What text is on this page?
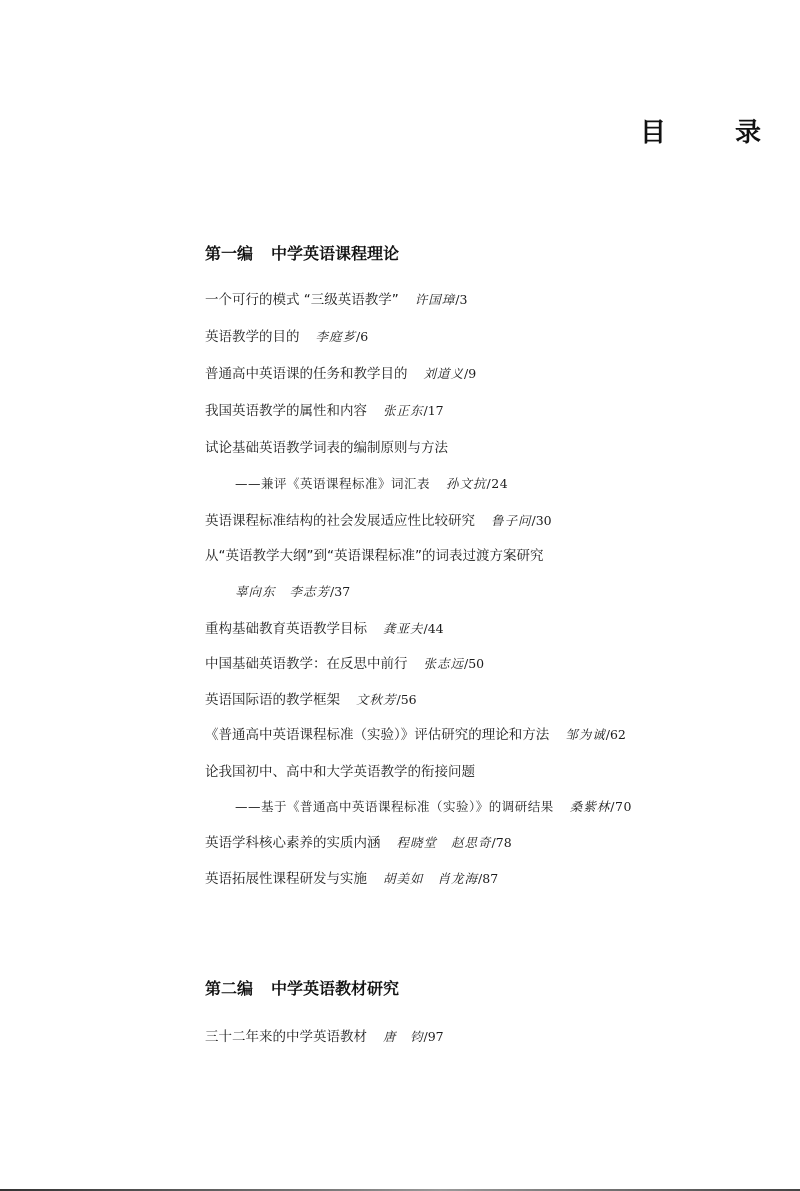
目 录
第一编 中学英语课程理论
一个可行的模式 “三级英语教学” 许国璋/3
英语教学的目的 李庭芗/6
普通高中英语课的任务和教学目的 刘道义/9
我国英语教学的属性和内容 张正东/17
试论基础英语教学词表的编制原则与方法
——兼评《英语课程标准》词汇表 孙文抗/24
英语课程标准结构的社会发展适应性比较研究 鲁子问/30
从“英语教学大纲”到“英语课程标准”的词表过渡方案研究
辜向东 李志芳/37
重构基础教育英语教学目标 龚亚夫/44
中国基础英语教学：在反思中前行 张志远/50
英语国际语的教学框架 文秋芳/56
《普通高中英语课程标准（实验）》评估研究的理论和方法 邹为诚/62
论我国初中、高中和大学英语教学的衔接问题
——基于《普通高中英语课程标准（实验）》的调研结果 桑紫林/70
英语学科核心素养的实质内涵 程晓堂 赵思奇/78
英语拓展性课程研发与实施 胡美如 肖龙海/87
第二编 中学英语教材研究
三十二年来的中学英语教材 唐　钧/97
